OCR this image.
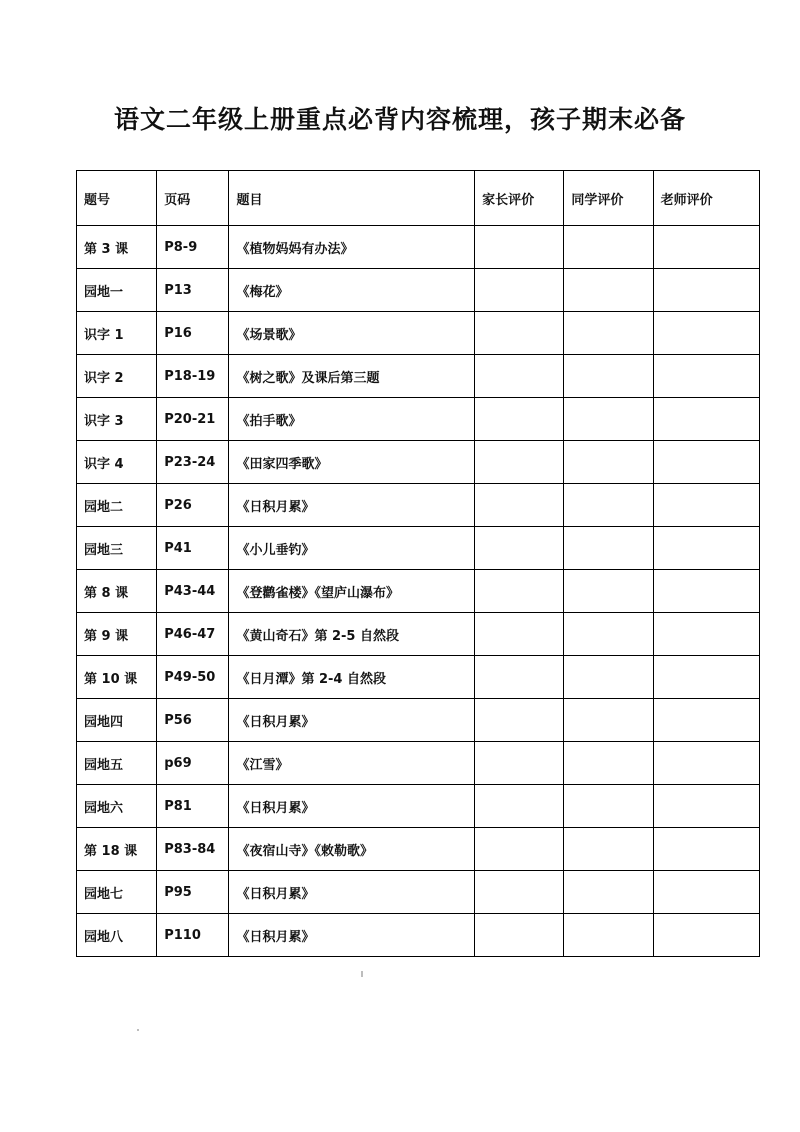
语文二年级上册重点必背内容梳理，孩子期末必备
题号	页码	题目	家长评价	同学评价	老师评价
第 3 课	P8-9	《植物妈妈有办法》			
园地一	P13	《梅花》			
识字 1	P16	《场景歌》			
识字 2	P18-19	《树之歌》及课后第三题			
识字 3	P20-21	《拍手歌》			
识字 4	P23-24	《田家四季歌》			
园地二	P26	《日积月累》			
园地三	P41	《小儿垂钓》			
第 8 课	P43-44	《登鹳雀楼》《望庐山瀑布》			
第 9 课	P46-47	《黄山奇石》第 2-5 自然段			
第 10 课	P49-50	《日月潭》第 2-4 自然段			
园地四	P56	《日积月累》			
园地五	p69	《江雪》			
园地六	P81	《日积月累》			
第 18 课	P83-84	《夜宿山寺》《敕勒歌》			
园地七	P95	《日积月累》			
园地八	P110	《日积月累》			
